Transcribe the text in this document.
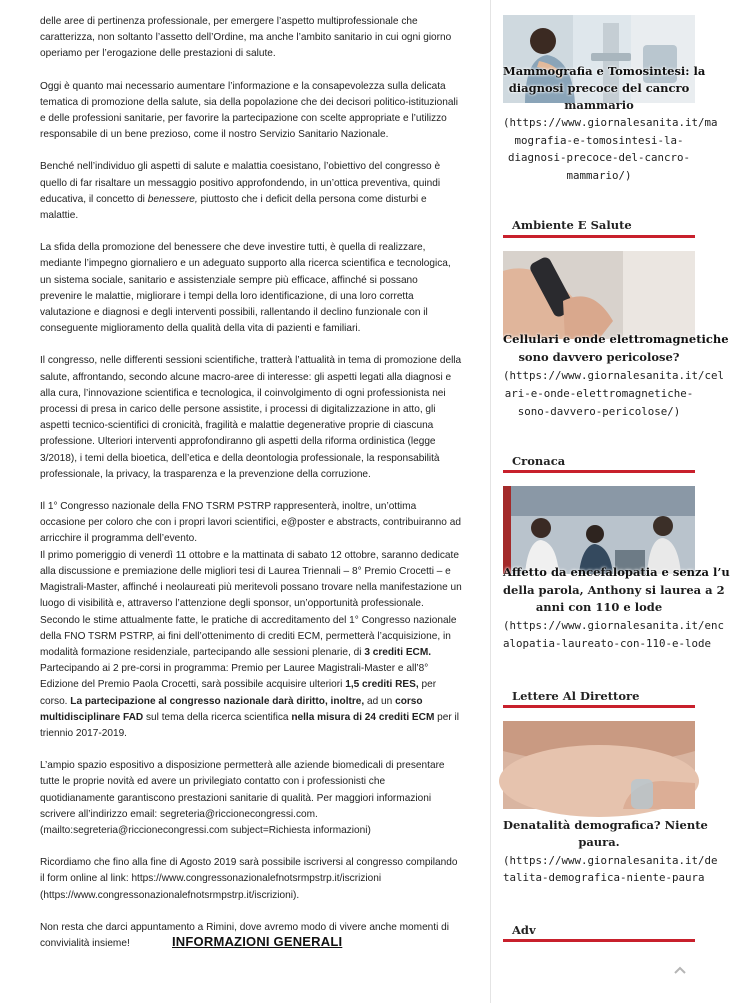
delle aree di pertinenza professionale, per emergere l’aspetto multiprofessionale che caratterizza, non soltanto l’assetto dell’Ordine, ma anche l’ambito sanitario in cui ogni giorno operiamo per l’erogazione delle prestazioni di salute.

Oggi è quanto mai necessario aumentare l’informazione e la consapevolezza sulla delicata tematica di promozione della salute, sia della popolazione che dei decisori politico-istituzionali e delle professioni sanitarie, per favorire la partecipazione con scelte appropriate e l’utilizzo responsabile di un bene prezioso, come il nostro Servizio Sanitario Nazionale.

Benché nell’individuo gli aspetti di salute e malattia coesistano, l’obiettivo del congresso è quello di far risaltare un messaggio positivo approfondendo, in un’ottica preventiva, quindi educativa, il concetto di benessere, piuttosto che i deficit della persona come disturbi e malattie.

La sfida della promozione del benessere che deve investire tutti, è quella di realizzare, mediante l’impegno giornaliero e un adeguato supporto alla ricerca scientifica e tecnologica, un sistema sociale, sanitario e assistenziale sempre più efficace, affinché si possano prevenire le malattie, migliorare i tempi della loro identificazione, di una loro corretta valutazione e diagnosi e degli interventi possibili, rallentando il declino funzionale con il conseguente miglioramento della qualità della vita di pazienti e familiari.

Il congresso, nelle differenti sessioni scientifiche, tratterà l’attualità in tema di promozione della salute, affrontando, secondo alcune macro-aree di interesse: gli aspetti legati alla diagnosi e alla cura, l’innovazione scientifica e tecnologica, il coinvolgimento di ogni professionista nei processi di presa in carico delle persone assistite, i processi di digitalizzazione in atto, gli aspetti tecnico-scientifici di cronicità, fragilità e malattie degenerative proprie di ciascuna professione. Ulteriori interventi approfondiranno gli aspetti della riforma ordinistica (legge 3/2018), i temi della bioetica, dell’etica e della deontologia professionale, la responsabilità professionale, la privacy, la trasparenza e la prevenzione della corruzione.

Il 1° Congresso nazionale della FNO TSRM PSTRP rappresenterà, inoltre, un’ottima occasione per coloro che con i propri lavori scientifici, e@poster e abstracts, contribuiranno ad arricchire il programma dell’evento.

Il primo pomeriggio di venerdì 11 ottobre e la mattinata di sabato 12 ottobre, saranno dedicate alla discussione e premiazione delle migliori tesi di Laurea Triennali – 8° Premio Crocetti – e Magistrali-Master, affinché i neolaureati più meritevoli possano trovare nella manifestazione un luogo di visibilità e, attraverso l’attenzione degli sponsor, un’opportunità professionale.

Secondo le stime attualmente fatte, le pratiche di accreditamento del 1° Congresso nazionale della FNO TSRM PSTRP, ai fini dell’ottenimento di crediti ECM, permetterà l’acquisizione, in modalità formazione residenziale, partecipando alle sessioni plenarie, di 3 crediti ECM. Partecipando ai 2 pre-corsi in programma: Premio per Lauree Magistrali-Master e all’8° Edizione del Premio Paola Crocetti, sarà possibile acquisire ulteriori 1,5 crediti RES, per corso. La partecipazione al congresso nazionale darà diritto, inoltre, ad un corso multidisciplinare FAD sul tema della ricerca scientifica nella misura di 24 crediti ECM per il triennio 2017-2019.

L’ampio spazio espositivo a disposizione permetterà alle aziende biomedicali di presentare tutte le proprie novità ed avere un privilegiato contatto con i professionisti che quotidianamente garantiscono prestazioni sanitarie di qualità. Per maggiori informazioni scrivere all’indirizzo email: segreteria@riccionecongressi.com. (mailto:segreteria@riccionecongressi.com subject=Richiesta informazioni)

Ricordiamo che fino alla fine di Agosto 2019 sarà possibile iscriversi al congresso compilando il form online al link: https://www.congressonazionalefnotsrmpstrp.it/iscrizioni (https://www.congressonazionalefnotsrmpstrp.it/iscrizioni).

Non resta che darci appuntamento a Rimini, dove avremo modo di vivere anche momenti di convivialità insieme!	INFORMAZIONI GENERALI
Mammografia e Tomosintesi: la
diagnosi precoce del cancro
mammario
(https://www.giornalesanita.it/ma
mografia-e-tomosintesi-la-
diagnosi-precoce-del-cancro-
mammario/)
Ambiente E Salute
Cellulari e onde elettromagnetiche
sono davvero pericolose?
(https://www.giornalesanita.it/cel
ari-e-onde-elettromagnetiche-
sono-davvero-pericolose/)
Cronaca
Affetto da encefalopatia e senza l’u
della parola, Anthony si laurea a 2
anni con 110 e lode
(https://www.giornalesanita.it/enc
alopatia-laureato-con-110-e-lode
Lettere Al Direttore
Denatalità demografica? Niente
paura.
(https://www.giornalesanita.it/de
talita-demografica-niente-paura
Adv
